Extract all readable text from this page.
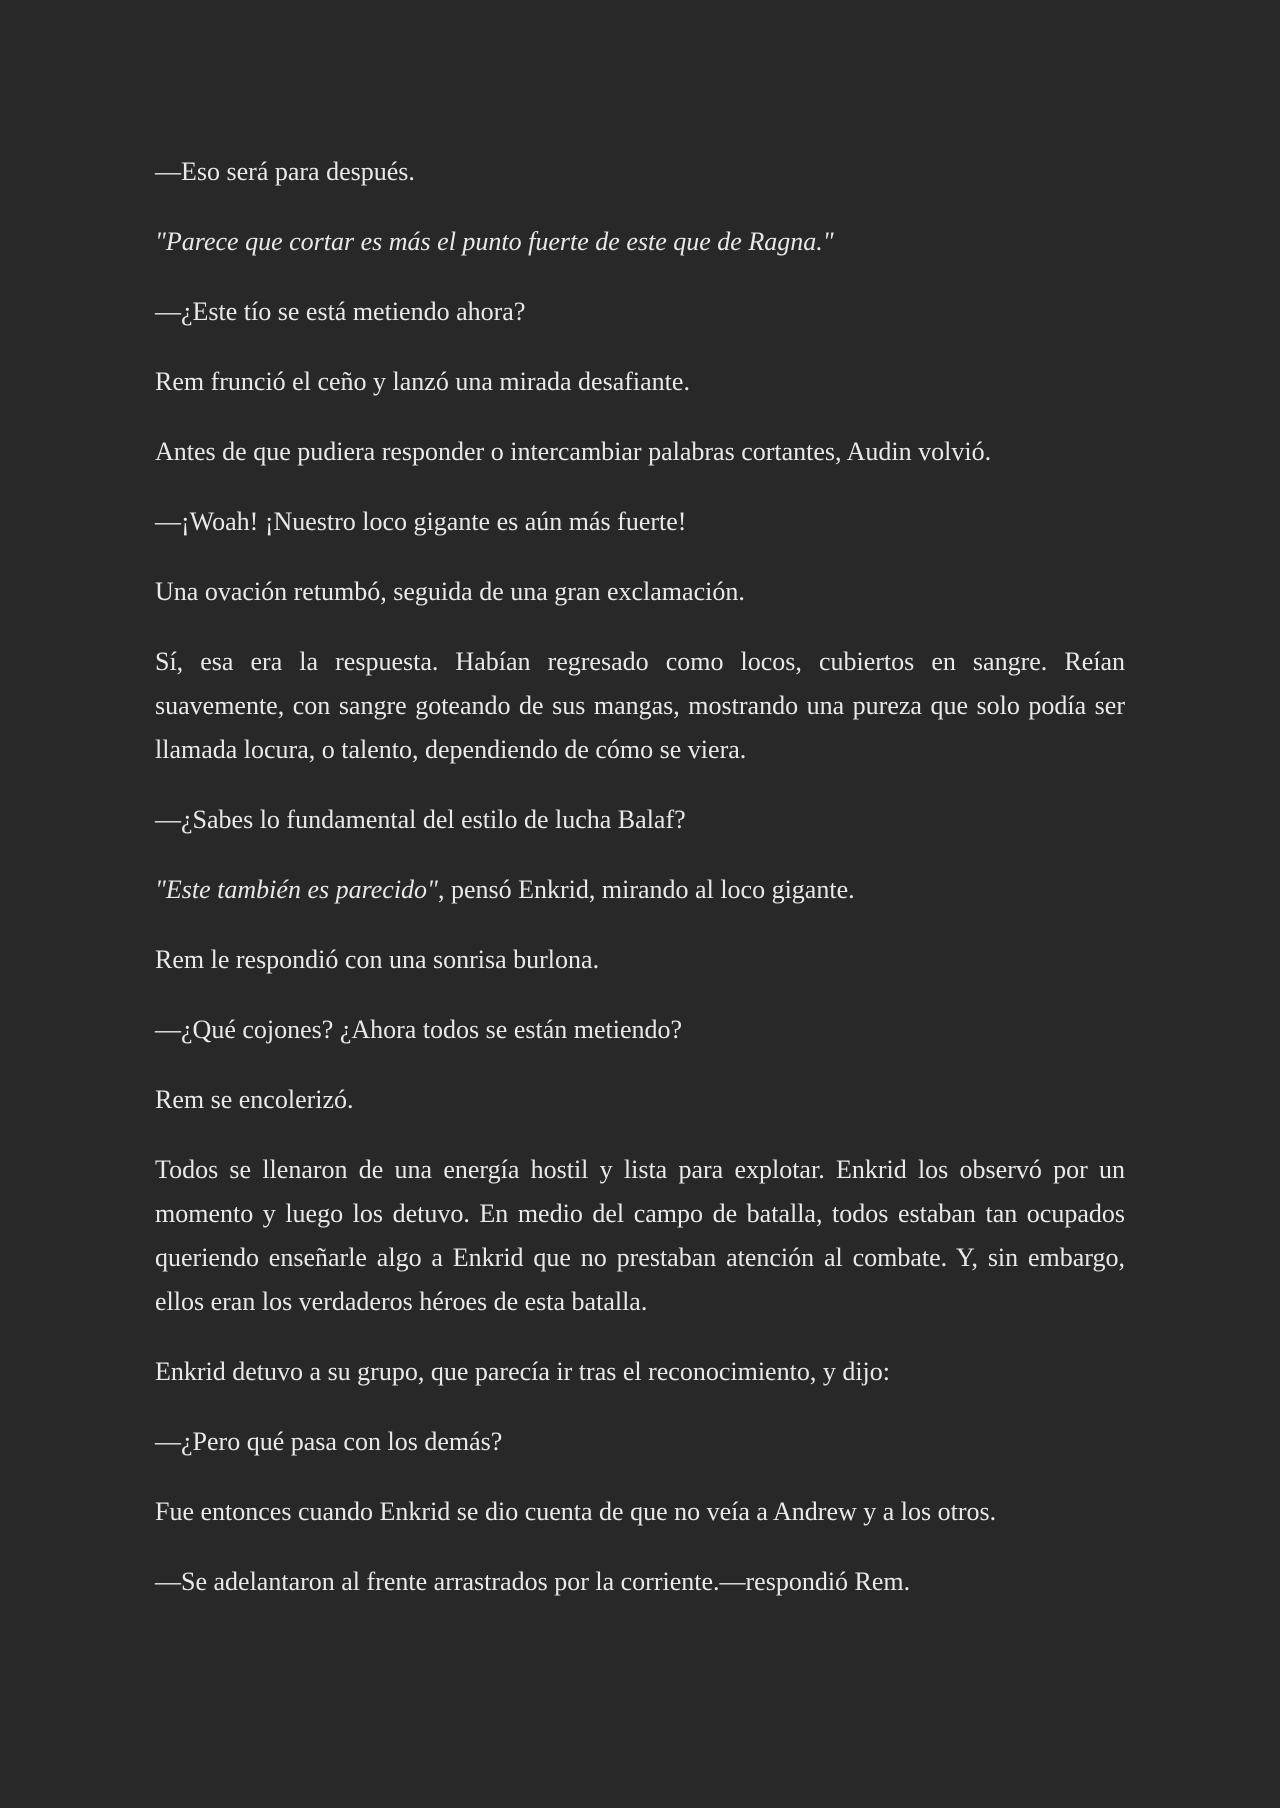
—Eso será para después.

"Parece que cortar es más el punto fuerte de este que de Ragna."

—¿Este tío se está metiendo ahora?

Rem frunció el ceño y lanzó una mirada desafiante.

Antes de que pudiera responder o intercambiar palabras cortantes, Audin volvió.

—¡Woah! ¡Nuestro loco gigante es aún más fuerte!

Una ovación retumbó, seguida de una gran exclamación.

Sí, esa era la respuesta. Habían regresado como locos, cubiertos en sangre. Reían suavemente, con sangre goteando de sus mangas, mostrando una pureza que solo podía ser llamada locura, o talento, dependiendo de cómo se viera.

—¿Sabes lo fundamental del estilo de lucha Balaf?

"Este también es parecido", pensó Enkrid, mirando al loco gigante.

Rem le respondió con una sonrisa burlona.

—¿Qué cojones? ¿Ahora todos se están metiendo?

Rem se encolerizó.

Todos se llenaron de una energía hostil y lista para explotar. Enkrid los observó por un momento y luego los detuvo. En medio del campo de batalla, todos estaban tan ocupados queriendo enseñarle algo a Enkrid que no prestaban atención al combate. Y, sin embargo, ellos eran los verdaderos héroes de esta batalla.

Enkrid detuvo a su grupo, que parecía ir tras el reconocimiento, y dijo:

—¿Pero qué pasa con los demás?

Fue entonces cuando Enkrid se dio cuenta de que no veía a Andrew y a los otros.

—Se adelantaron al frente arrastrados por la corriente.—respondió Rem.
